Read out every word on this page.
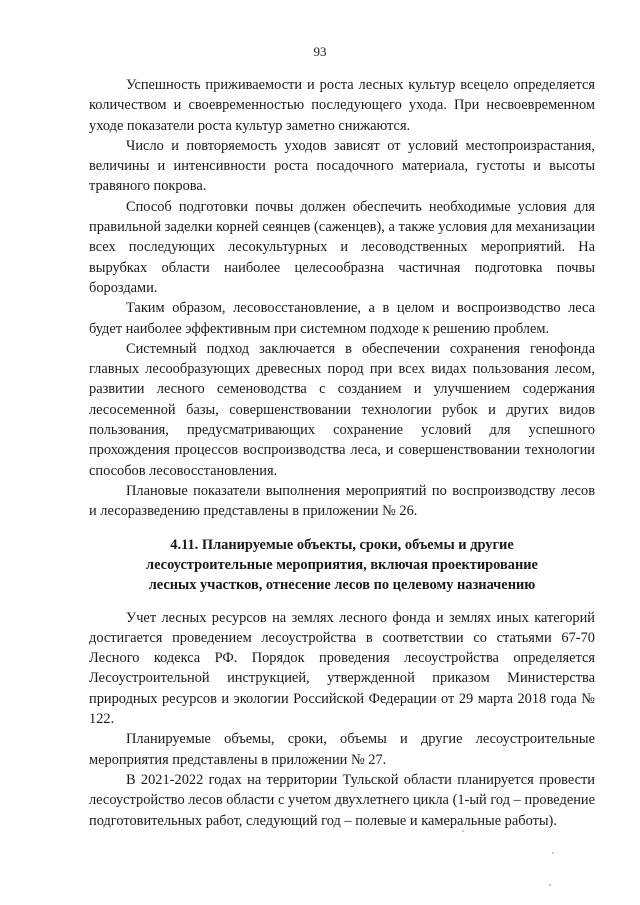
93

Успешность приживаемости и роста лесных культур всецело определяется количеством и своевременностью последующего ухода. При несвоевременном уходе показатели роста культур заметно снижаются.

Число и повторяемость уходов зависят от условий местопроизрастания, величины и интенсивности роста посадочного материала, густоты и высоты травяного покрова.

Способ подготовки почвы должен обеспечить необходимые условия для правильной заделки корней сеянцев (саженцев), а также условия для механизации всех последующих лесокультурных и лесоводственных мероприятий. На вырубках области наиболее целесообразна частичная подготовка почвы бороздами.

Таким образом, лесовосстановление, а в целом и воспроизводство леса будет наиболее эффективным при системном подходе к решению проблем.

Системный подход заключается в обеспечении сохранения генофонда главных лесообразующих древесных пород при всех видах пользования лесом, развитии лесного семеноводства с созданием и улучшением содержания лесосеменной базы, совершенствовании технологии рубок и других видов пользования, предусматривающих сохранение условий для успешного прохождения процессов воспроизводства леса, и совершенствовании технологии способов лесовосстановления.

Плановые показатели выполнения мероприятий по воспроизводству лесов и лесоразведению представлены в приложении № 26.

4.11. Планируемые объекты, сроки, объемы и другие
лесоустроительные мероприятия, включая проектирование
лесных участков, отнесение лесов по целевому назначению

Учет лесных ресурсов на землях лесного фонда и землях иных категорий достигается проведением лесоустройства в соответствии со статьями 67-70 Лесного кодекса РФ. Порядок проведения лесоустройства определяется Лесоустроительной инструкцией, утвержденной приказом Министерства природных ресурсов и экологии Российской Федерации от 29 марта 2018 года № 122.

Планируемые объемы, сроки, объемы и другие лесоустроительные мероприятия представлены в приложении № 27.

В 2021-2022 годах на территории Тульской области планируется провести лесоустройство лесов области с учетом двухлетнего цикла (1-ый год – проведение подготовительных работ, следующий год – полевые и камеральные работы).
